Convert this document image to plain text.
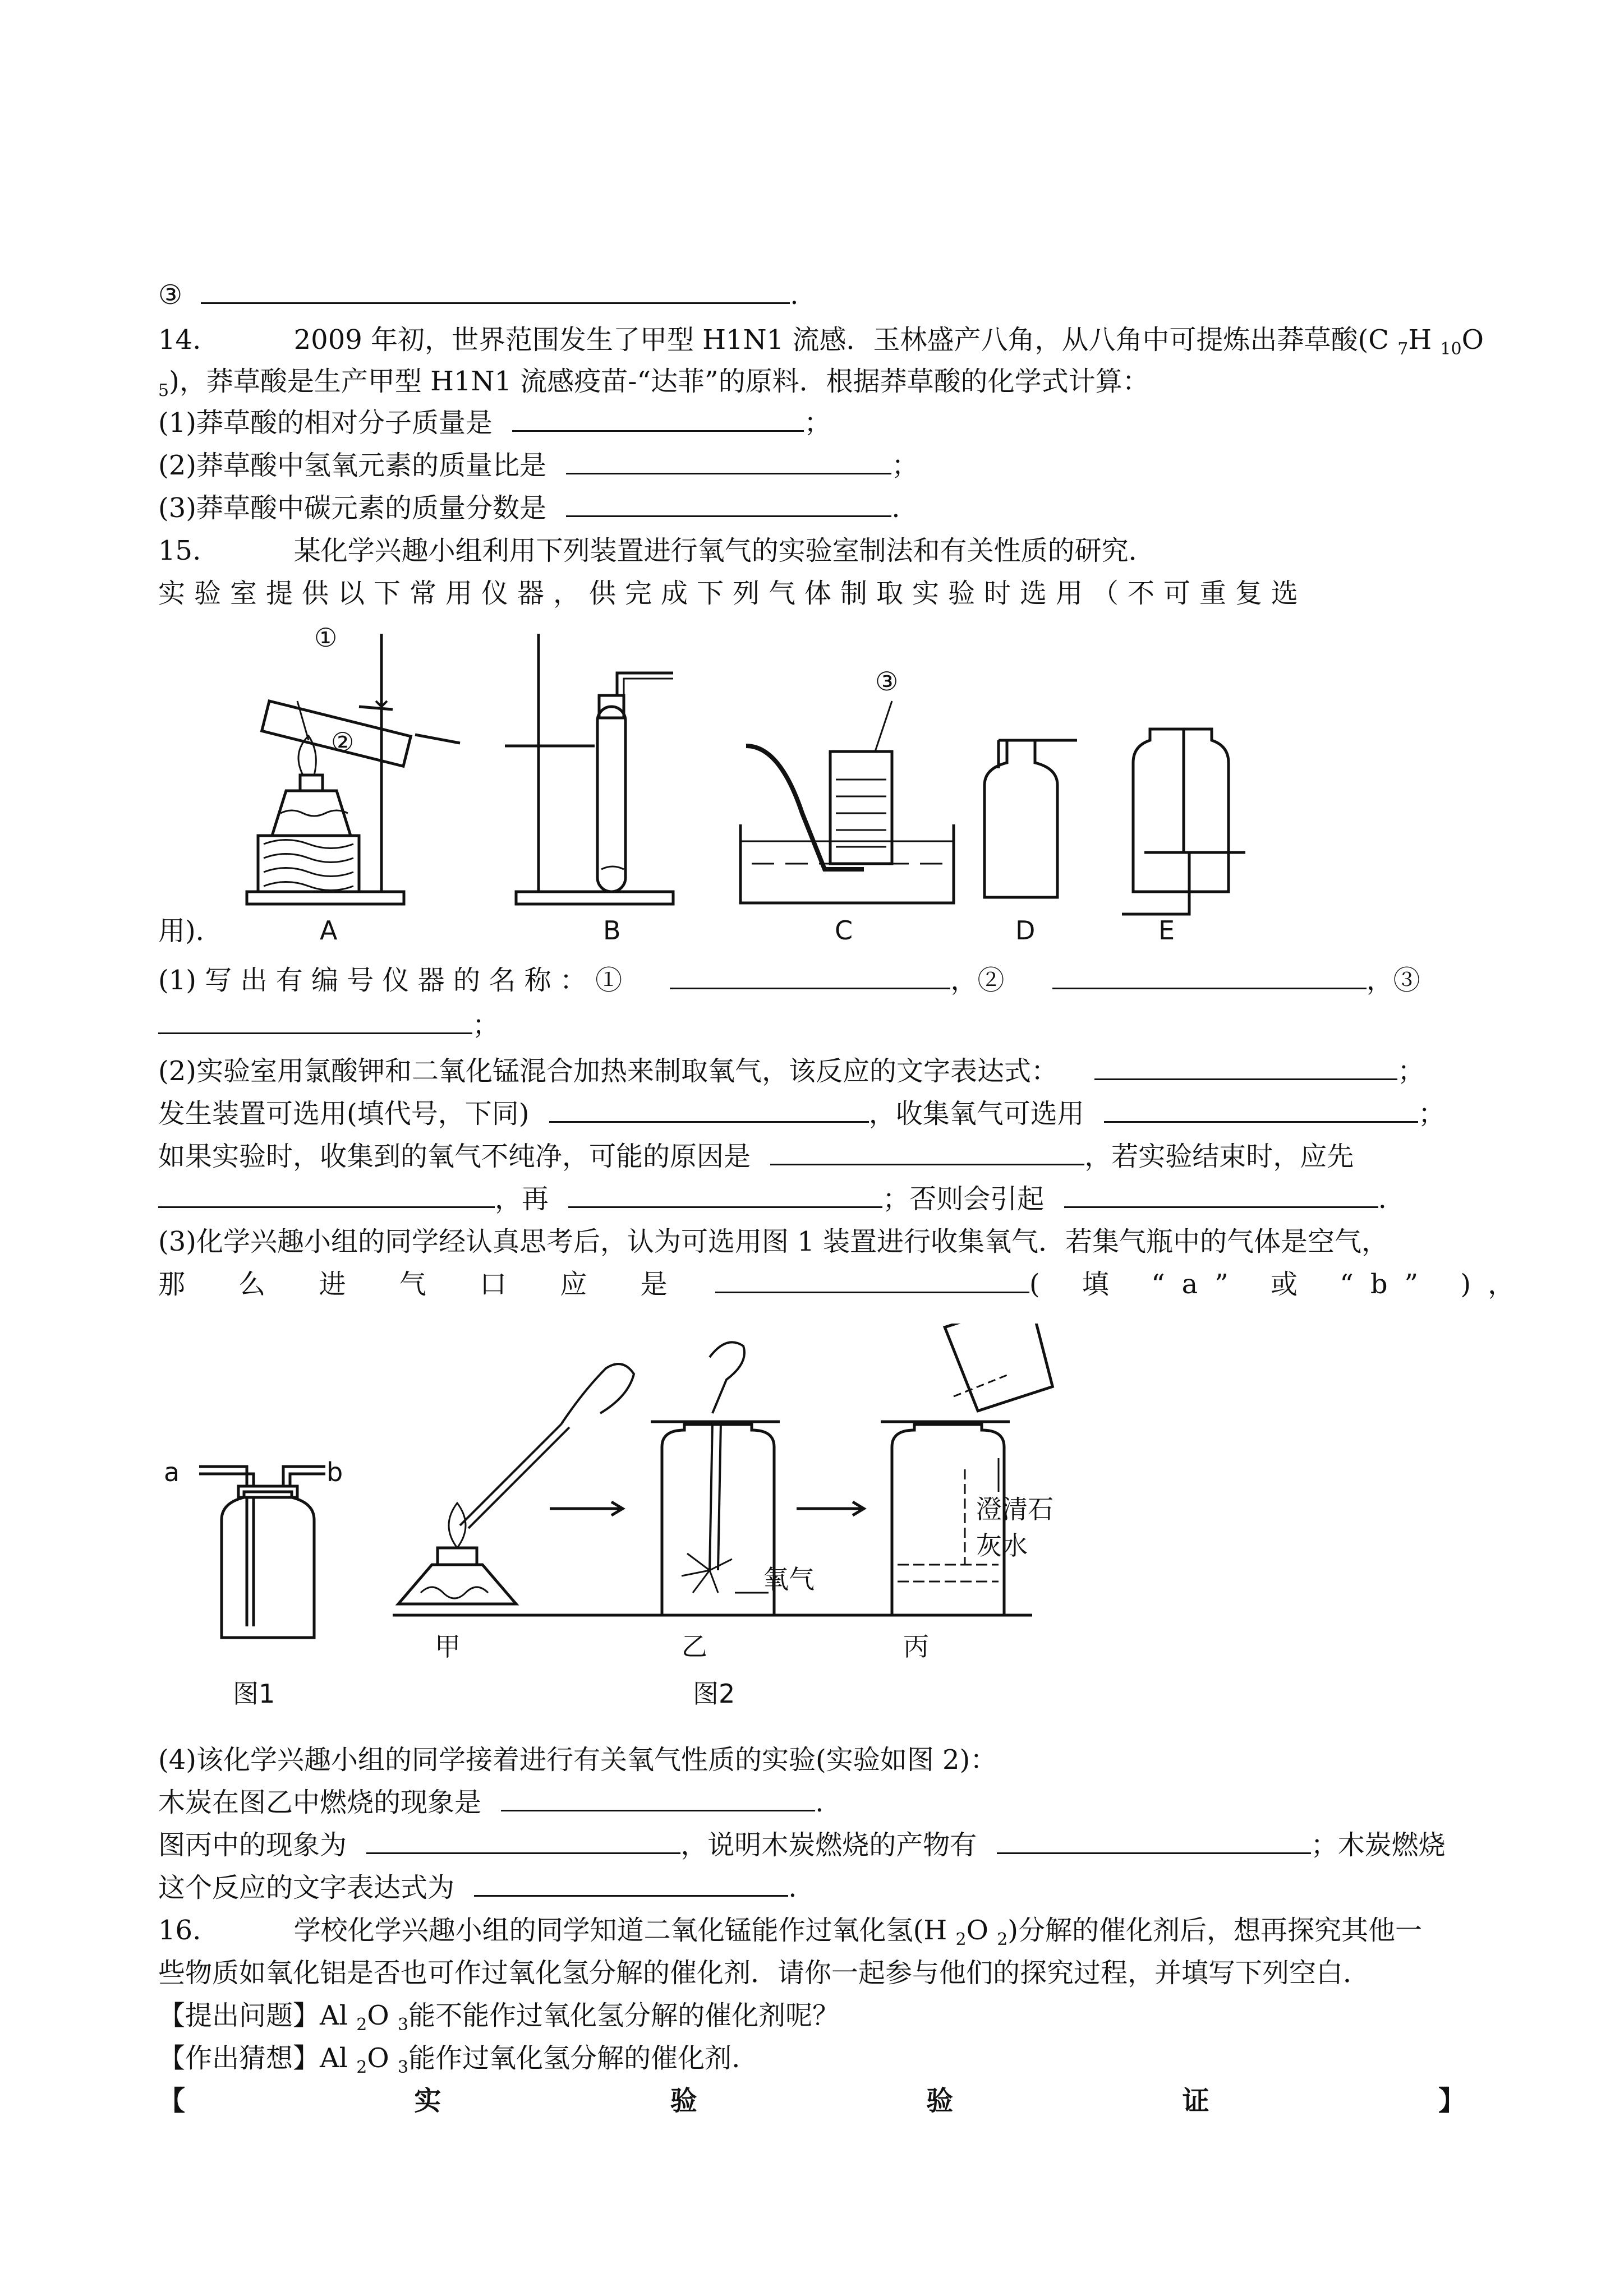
③	.
14.	2009 年初，世界范围发生了甲型 H1N1 流感．玉林盛产八角，从八角中可提炼出莽草酸(C $_7$H $_{10}$O
$_5$)，莽草酸是生产甲型 H1N1 流感疫苗-“达菲”的原料．根据莽草酸的化学式计算：
(1)莽草酸的相对分子质量是	；
(2)莽草酸中氢氧元素的质量比是	；
(3)莽草酸中碳元素的质量分数是	.
15.	某化学兴趣小组利用下列装置进行氧气的实验室制法和有关性质的研究．
实验室提供以下常用仪器，供完成下列气体制取实验时选用（不可重复选
①
②
③
用)．	A	B	C	D	E
(1) 写 出 有 编 号 仪 器 的 名 称 ： ①	，②	，③
；
(2)实验室用氯酸钾和二氧化锰混合加热来制取氧气，该反应的文字表达式：	；
发生装置可选用(填代号，下同)	，收集氧气可选用	；
如果实验时，收集到的氧气不纯净，可能的原因是	，若实验结束时，应先
，再	；否则会引起	.
(3)化学兴趣小组的同学经认真思考后，认为可选用图 1 装置进行收集氧气．若集气瓶中的气体是空气，
那 么 进 气 口 应 是	( 填 “a” 或 “b” )，
a	b
氧气
澄清石
灰水
甲	乙	丙
图1	图2
(4)该化学兴趣小组的同学接着进行有关氧气性质的实验(实验如图 2)：
木炭在图乙中燃烧的现象是	.
图丙中的现象为	，说明木炭燃烧的产物有	；木炭燃烧
这个反应的文字表达式为	.
16.	学校化学兴趣小组的同学知道二氧化锰能作过氧化氢(H $_2$O $_2$)分解的催化剂后，想再探究其他一
些物质如氧化铝是否也可作过氧化氢分解的催化剂．请你一起参与他们的探究过程，并填写下列空白．
【提出问题】Al $_2$O $_3$能不能作过氧化氢分解的催化剂呢？
【作出猜想】Al $_2$O $_3$能作过氧化氢分解的催化剂.
【	实	验	验	证	】
